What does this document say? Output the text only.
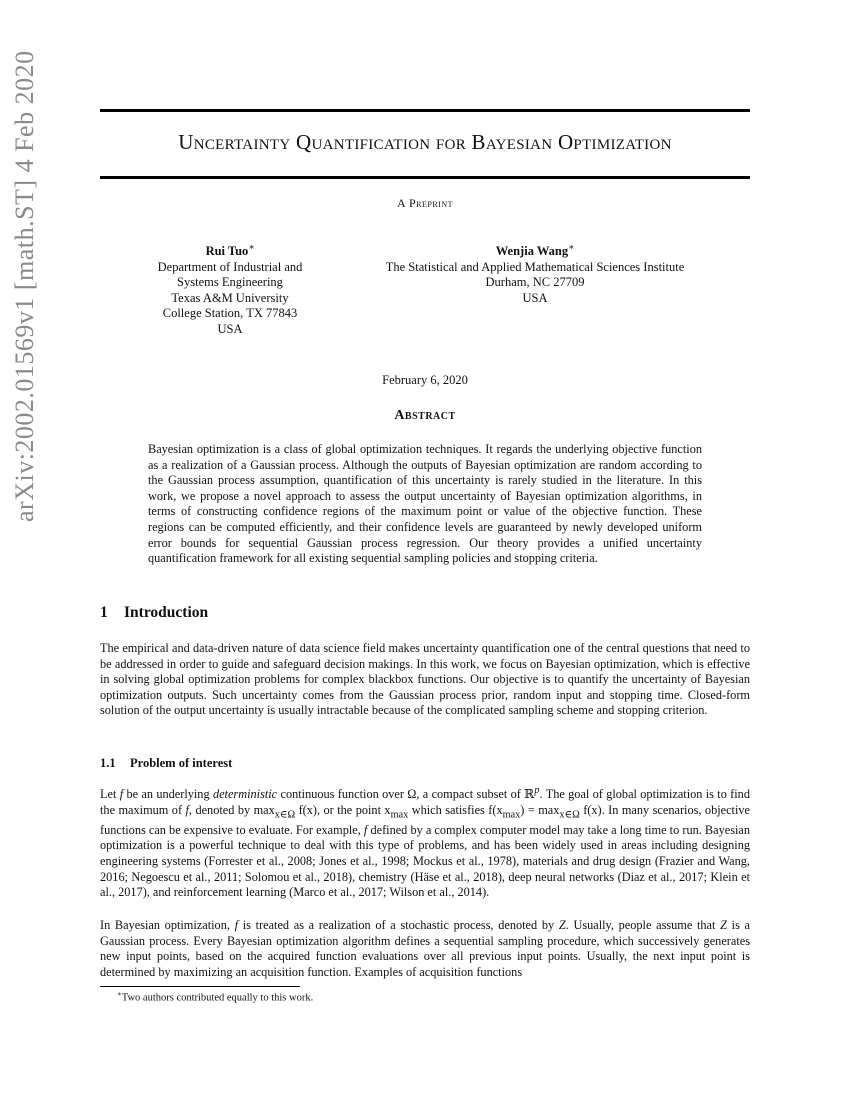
arXiv:2002.01569v1 [math.ST] 4 Feb 2020	Uncertainty Quantification for Bayesian Optimization
A Preprint
Rui Tuo∗
Department of Industrial and
Systems Engineering
Texas A&M University
College Station, TX 77843
USA
Wenjia Wang∗
The Statistical and Applied Mathematical Sciences Institute
Durham, NC 27709
USA
February 6, 2020
Abstract
Bayesian optimization is a class of global optimization techniques. It regards the underlying objective function as a realization of a Gaussian process. Although the outputs of Bayesian optimization are random according to the Gaussian process assumption, quantification of this uncertainty is rarely studied in the literature. In this work, we propose a novel approach to assess the output uncertainty of Bayesian optimization algorithms, in terms of constructing confidence regions of the maximum point or value of the objective function. These regions can be computed efficiently, and their confidence levels are guaranteed by newly developed uniform error bounds for sequential Gaussian process regression. Our theory provides a unified uncertainty quantification framework for all existing sequential sampling policies and stopping criteria.
1 Introduction
The empirical and data-driven nature of data science field makes uncertainty quantification one of the central questions that need to be addressed in order to guide and safeguard decision makings. In this work, we focus on Bayesian optimization, which is effective in solving global optimization problems for complex blackbox functions. Our objective is to quantify the uncertainty of Bayesian optimization outputs. Such uncertainty comes from the Gaussian process prior, random input and stopping time. Closed-form solution of the output uncertainty is usually intractable because of the complicated sampling scheme and stopping criterion.
1.1 Problem of interest
Let f be an underlying deterministic continuous function over Ω, a compact subset of ℝ$^p$. The goal of global optimization is to find the maximum of f, denoted by $\max_{x\in\Omega} f(x)$, or the point $x_{max}$ which satisfies $f(x_{max}) = \max_{x\in\Omega} f(x)$. In many scenarios, objective functions can be expensive to evaluate. For example, f defined by a complex computer model may take a long time to run. Bayesian optimization is a powerful technique to deal with this type of problems, and has been widely used in areas including designing engineering systems (Forrester et al., 2008; Jones et al., 1998; Mockus et al., 1978), materials and drug design (Frazier and Wang, 2016; Negoescu et al., 2011; Solomou et al., 2018), chemistry (Häse et al., 2018), deep neural networks (Diaz et al., 2017; Klein et al., 2017), and reinforcement learning (Marco et al., 2017; Wilson et al., 2014).
In Bayesian optimization, f is treated as a realization of a stochastic process, denoted by Z. Usually, people assume that Z is a Gaussian process. Every Bayesian optimization algorithm defines a sequential sampling procedure, which successively generates new input points, based on the acquired function evaluations over all previous input points. Usually, the next input point is determined by maximizing an acquisition function. Examples of acquisition functions
∗Two authors contributed equally to this work.
